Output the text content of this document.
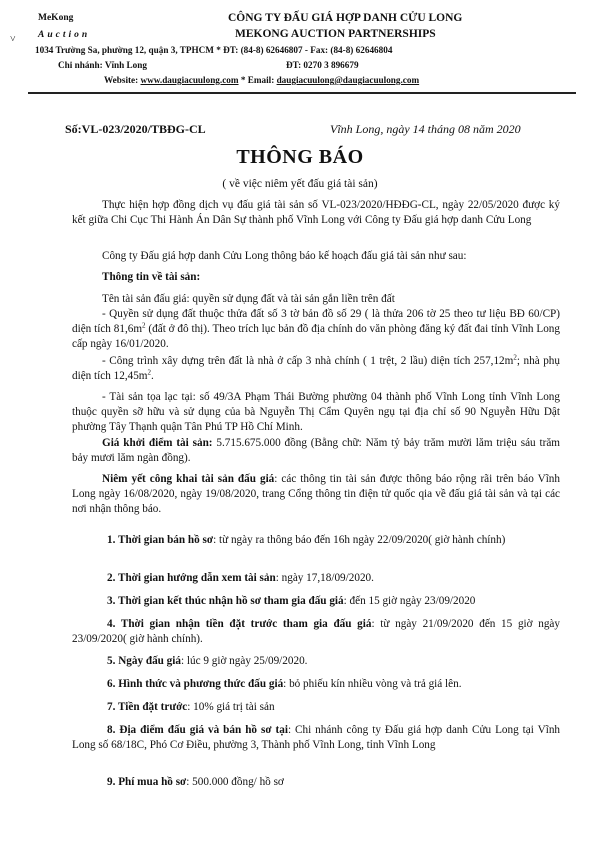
MeKong
Auction
˅
CÔNG TY ĐẤU GIÁ HỢP DANH CỬU LONG
MEKONG AUCTION PARTNERSHIPS
1034 Trường Sa, phường 12, quận 3, TPHCM * ĐT: (84-8) 62646807 - Fax: (84-8) 62646804
Chi nhánh: Vĩnh Long	ĐT: 0270 3 896679
Website: www.daugiacuulong.com * Email: daugiacuulong@daugiacuulong.com
Số:VL-023/2020/TBĐG-CL	Vĩnh Long, ngày 14 tháng 08 năm 2020
THÔNG BÁO
( về việc niêm yết đấu giá tài sản)
Thực hiện hợp đồng dịch vụ đấu giá tài sản số VL-023/2020/HĐĐG-CL, ngày 22/05/2020 được ký kết giữa Chi Cục Thi Hành Án Dân Sự thành phố Vĩnh Long với Công ty Đấu giá hợp danh Cửu Long
Công ty Đấu giá hợp danh Cửu Long thông báo kế hoạch đấu giá tài sản như sau:
Thông tin về tài sản:
Tên tài sản đấu giá: quyền sử dụng đất và tài sản gắn liền trên đất
- Quyền sử dụng đất thuộc thửa đất số 3 tờ bản đồ số 29 ( là thửa 206 tờ 25 theo tư liệu BĐ 60/CP) diện tích $81,6m^2$ (đất ở đô thị). Theo trích lục bản đồ địa chính do văn phòng đăng ký đất đai tỉnh Vĩnh Long cấp ngày 16/01/2020.
- Công trình xây dựng trên đất là nhà ở cấp 3 nhà chính ( 1 trệt, 2 lầu) diện tích $257,12m^2$; nhà phụ diện tích $12,45m^2$.
- Tài sản tọa lạc tại: số 49/3A Phạm Thái Bường phường 04 thành phố Vĩnh Long tỉnh Vĩnh Long thuộc quyền sỡ hữu và sử dụng của bà Nguyễn Thị Cẩm Quyên ngụ tại địa chỉ số 90 Nguyễn Hữu Dật phường Tây Thạnh quận Tân Phú TP Hồ Chí Minh.
Giá khởi điểm tài sản: 5.715.675.000 đồng (Bằng chữ: Năm tỷ bảy trăm mười lăm triệu sáu trăm bảy mươi lăm ngàn đồng).
Niêm yết công khai tài sản đấu giá: các thông tin tài sản được thông báo rộng rãi trên báo Vĩnh Long ngày 16/08/2020, ngày 19/08/2020, trang Cổng thông tin điện tử quốc qia về đấu giá tài sản và tại các nơi nhận thông báo.
1. Thời gian bán hồ sơ: từ ngày ra thông báo đến 16h ngày 22/09/2020( giờ hành chính)
2. Thời gian hướng dẫn xem tài sản: ngày 17,18/09/2020.
3. Thời gian kết thúc nhận hồ sơ tham gia đấu giá: đến 15 giờ ngày 23/09/2020
4. Thời gian nhận tiền đặt trước tham gia đấu giá: từ ngày 21/09/2020 đến 15 giờ ngày 23/09/2020( giờ hành chính).
5. Ngày đấu giá: lúc 9 giờ ngày 25/09/2020.
6. Hình thức và phương thức đấu giá: bỏ phiếu kín nhiều vòng và trả giá lên.
7. Tiền đặt trước: 10% giá trị tài sản
8. Địa điểm đấu giá và bán hồ sơ tại: Chi nhánh công ty Đấu giá hợp danh Cửu Long tại Vĩnh Long số 68/18C, Phó Cơ Điều, phường 3, Thành phố Vĩnh Long, tỉnh Vĩnh Long
9. Phí mua hồ sơ: 500.000 đồng/ hồ sơ
